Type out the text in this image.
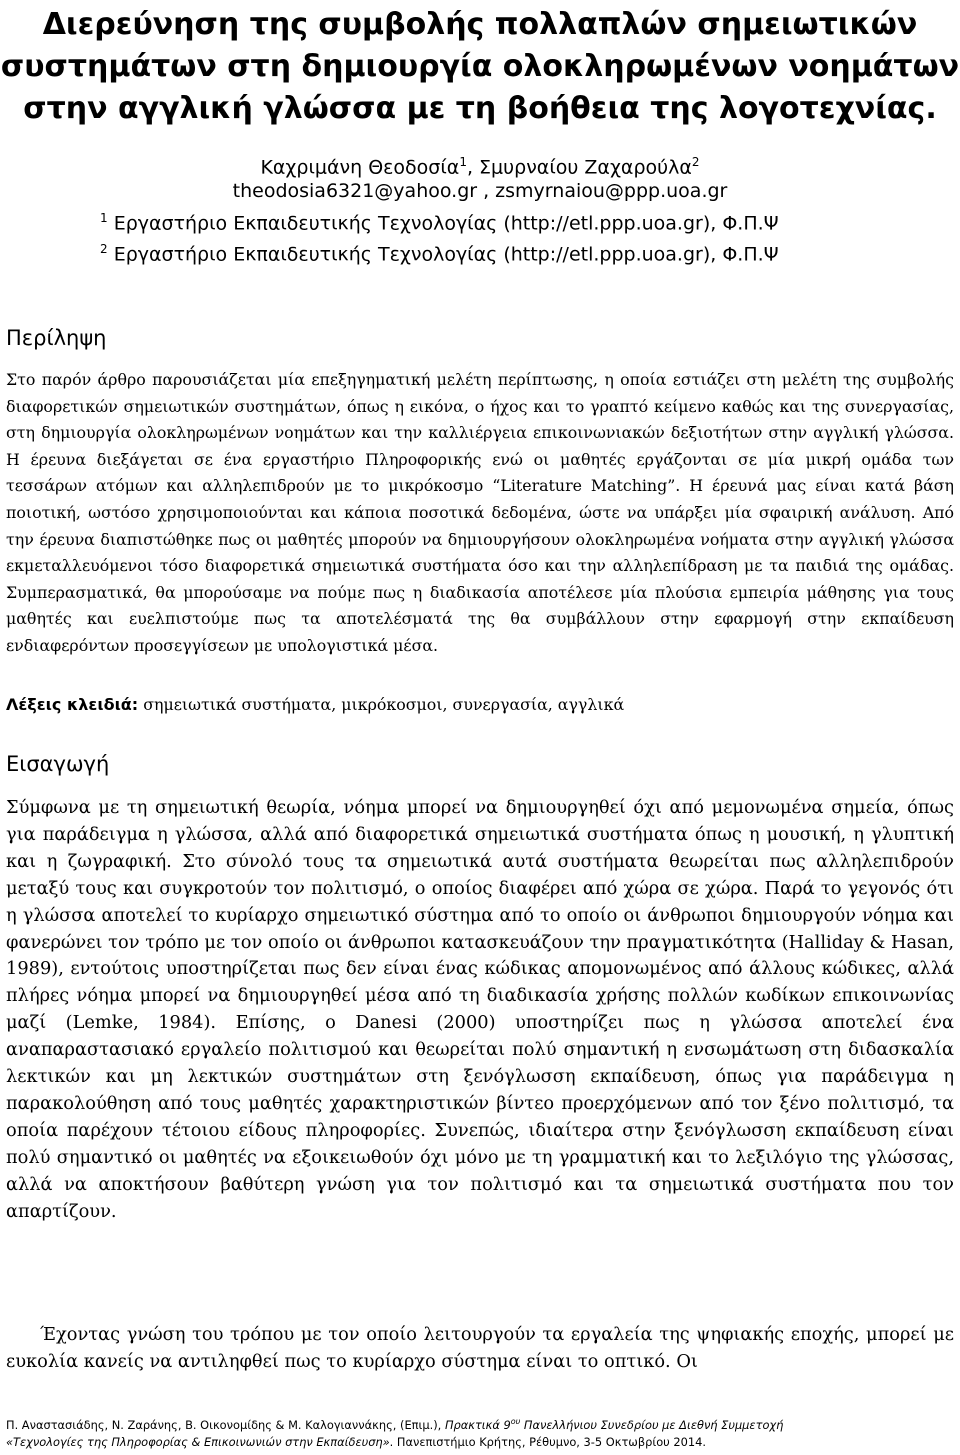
Διερεύνηση της συμβολής πολλαπλών σημειωτικών συστημάτων στη δημιουργία ολοκληρωμένων νοημάτων στην αγγλική γλώσσα με τη βοήθεια της λογοτεχνίας.
Καχριμάνη Θεοδοσία$^1$, Σμυρναίου Ζαχαρούλα$^2$
theodosia6321@yahoo.gr , zsmyrnaiou@ppp.uoa.gr
$^1$ Εργαστήριο Εκπαιδευτικής Τεχνολογίας (http://etl.ppp.uoa.gr), Φ.Π.Ψ
$^2$ Εργαστήριο Εκπαιδευτικής Τεχνολογίας (http://etl.ppp.uoa.gr), Φ.Π.Ψ
Περίληψη

Στο παρόν άρθρο παρουσιάζεται μία επεξηγηματική μελέτη περίπτωσης, η οποία εστιάζει στη μελέτη της συμβολής διαφορετικών σημειωτικών συστημάτων, όπως η εικόνα, ο ήχος και το γραπτό κείμενο καθώς και της συνεργασίας, στη δημιουργία ολοκληρωμένων νοημάτων και την καλλιέργεια επικοινωνιακών δεξιοτήτων στην αγγλική γλώσσα. Η έρευνα διεξάγεται σε ένα εργαστήριο Πληροφορικής ενώ οι μαθητές εργάζονται σε μία μικρή ομάδα των τεσσάρων ατόμων και αλληλεπιδρούν με το μικρόκοσμο “Literature Matching”. Η έρευνά μας είναι κατά βάση ποιοτική, ωστόσο χρησιμοποιούνται και κάποια ποσοτικά δεδομένα, ώστε να υπάρξει μία σφαιρική ανάλυση. Από την έρευνα διαπιστώθηκε πως οι μαθητές μπορούν να δημιουργήσουν ολοκληρωμένα νοήματα στην αγγλική γλώσσα εκμεταλλευόμενοι τόσο διαφορετικά σημειωτικά συστήματα όσο και την αλληλεπίδραση με τα παιδιά της ομάδας. Συμπερασματικά, θα μπορούσαμε να πούμε πως η διαδικασία αποτέλεσε μία πλούσια εμπειρία μάθησης για τους μαθητές και ευελπιστούμε πως τα αποτελέσματά της θα συμβάλλουν στην εφαρμογή στην εκπαίδευση ενδιαφερόντων προσεγγίσεων με υπολογιστικά μέσα.

Λέξεις κλειδιά: σημειωτικά συστήματα, μικρόκοσμοι, συνεργασία, αγγλικά
Εισαγωγή

Σύμφωνα με τη σημειωτική θεωρία, νόημα μπορεί να δημιουργηθεί όχι από μεμονωμένα σημεία, όπως για παράδειγμα η γλώσσα, αλλά από διαφορετικά σημειωτικά συστήματα όπως η μουσική, η γλυπτική και η ζωγραφική. Στο σύνολό τους τα σημειωτικά αυτά συστήματα θεωρείται πως αλληλεπιδρούν μεταξύ τους και συγκροτούν τον πολιτισμό, ο οποίος διαφέρει από χώρα σε χώρα. Παρά το γεγονός ότι η γλώσσα αποτελεί το κυρίαρχο σημειωτικό σύστημα από το οποίο οι άνθρωποι δημιουργούν νόημα και φανερώνει τον τρόπο με τον οποίο οι άνθρωποι κατασκευάζουν την πραγματικότητα (Halliday & Hasan, 1989), εντούτοις υποστηρίζεται πως δεν είναι ένας κώδικας απομονωμένος από άλλους κώδικες, αλλά πλήρες νόημα μπορεί να δημιουργηθεί μέσα από τη διαδικασία χρήσης πολλών κωδίκων επικοινωνίας μαζί (Lemke, 1984). Επίσης, ο Danesi (2000) υποστηρίζει πως η γλώσσα αποτελεί ένα αναπαραστασιακό εργαλείο πολιτισμού και θεωρείται πολύ σημαντική η ενσωμάτωση στη διδασκαλία λεκτικών και μη λεκτικών συστημάτων στη ξενόγλωσση εκπαίδευση, όπως για παράδειγμα η παρακολούθηση από τους μαθητές χαρακτηριστικών βίντεο προερχόμενων από τον ξένο πολιτισμό, τα οποία παρέχουν τέτοιου είδους πληροφορίες. Συνεπώς, ιδιαίτερα στην ξενόγλωσση εκπαίδευση είναι πολύ σημαντικό οι μαθητές να εξοικειωθούν όχι μόνο με τη γραμματική και το λεξιλόγιο της γλώσσας, αλλά να αποκτήσουν βαθύτερη γνώση για τον πολιτισμό και τα σημειωτικά συστήματα που τον απαρτίζουν.

Έχοντας γνώση του τρόπου με τον οποίο λειτουργούν τα εργαλεία της ψηφιακής εποχής, μπορεί με ευκολία κανείς να αντιληφθεί πως το κυρίαρχο σύστημα είναι το οπτικό. Οι

Π. Αναστασιάδης, Ν. Ζαράνης, Β. Οικονομίδης & Μ. Καλογιαννάκης, (Επιμ.), Πρακτικά $9^{o\upsilon}$ Πανελλήνιου Συνεδρίου με Διεθνή Συμμετοχή
«Τεχνολογίες της Πληροφορίας & Επικοινωνιών στην Εκπαίδευση». Πανεπιστήμιο Κρήτης, Ρέθυμνο, 3-5 Οκτωβρίου 2014.
